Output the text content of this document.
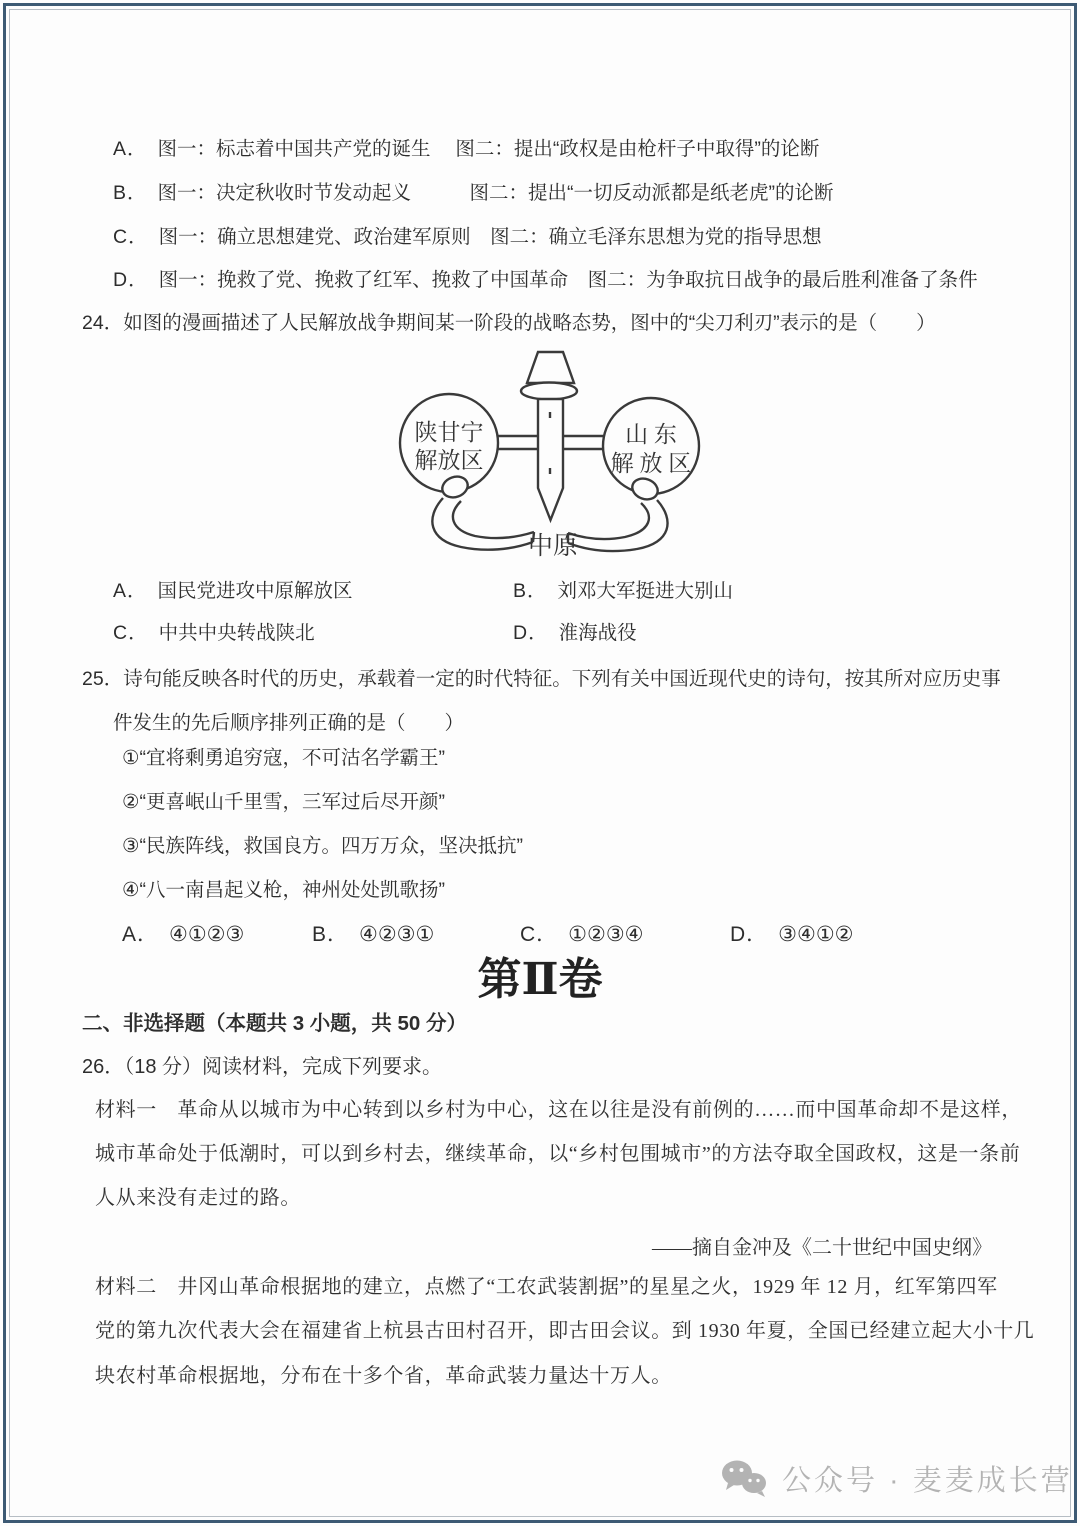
A． 图一：标志着中国共产党的诞生　 图二：提出“政权是由枪杆子中取得”的论断
B． 图一：决定秋收时节发动起义　　　图二：提出“一切反动派都是纸老虎”的论断
C． 图一：确立思想建党、政治建军原则　图二：确立毛泽东思想为党的指导思想
D． 图一：挽救了党、挽救了红军、挽救了中国革命　图二：为争取抗日战争的最后胜利准备了条件
24．如图的漫画描述了人民解放战争期间某一阶段的战略态势，图中的“尖刀利刃”表示的是（　　）
陕甘宁
解放区
山 东
解 放 区
中原
A． 国民党进攻中原解放区	B． 刘邓大军挺进大别山
C． 中共中央转战陕北	D． 淮海战役
25．诗句能反映各时代的历史，承载着一定的时代特征。下列有关中国近现代史的诗句，按其所对应历史事
件发生的先后顺序排列正确的是（　　）
①“宜将剩勇追穷寇，不可沽名学霸王”
②“更喜岷山千里雪，三军过后尽开颜”
③“民族阵线，救国良方。四万万众，坚决抵抗”
④“八一南昌起义枪，神州处处凯歌扬”
A． ④①②③	B． ④②③①	C． ①②③④	D． ③④①②
第Ⅱ卷
二、非选择题（本题共 3 小题，共 50 分）
26．（18 分）阅读材料，完成下列要求。
材料一　革命从以城市为中心转到以乡村为中心，这在以往是没有前例的……而中国革命却不是这样，
城市革命处于低潮时，可以到乡村去，继续革命，以“乡村包围城市”的方法夺取全国政权，这是一条前
人从来没有走过的路。
——摘自金冲及《二十世纪中国史纲》
材料二　井冈山革命根据地的建立，点燃了“工农武装割据”的星星之火，1929 年 12 月，红军第四军
党的第九次代表大会在福建省上杭县古田村召开，即古田会议。到 1930 年夏，全国已经建立起大小十几
块农村革命根据地，分布在十多个省，革命武装力量达十万人。
公众号 · 麦麦成长营
